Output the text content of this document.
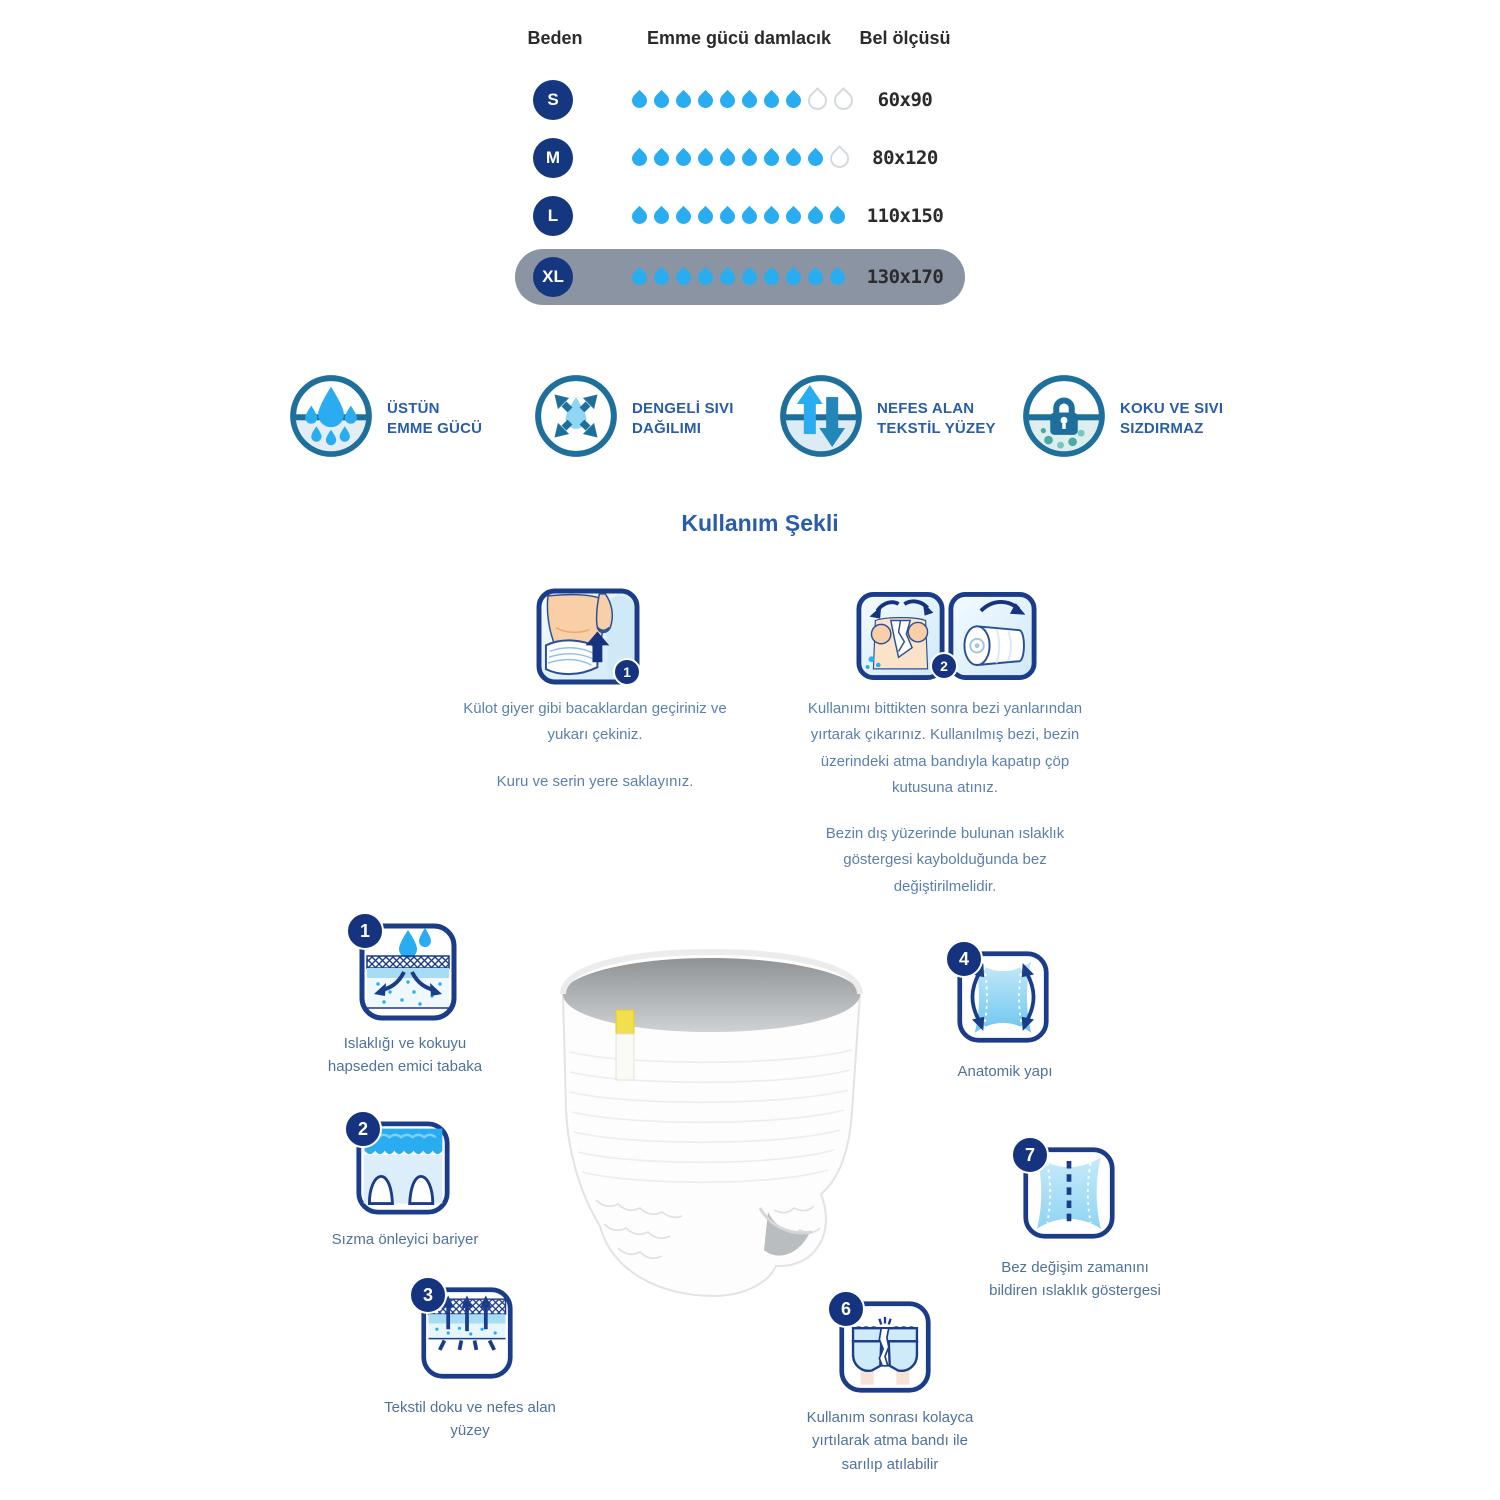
Beden	Emme gücü damlacık	Bel ölçüsü
S	60x90
M	80x120
L	110x150
XL	130x170
ÜSTÜN
EMME GÜCÜ
DENGELİ SIVI
DAĞILIMI
NEFES ALAN
TEKSTİL YÜZEY
KOKU VE SIVI
SIZDIRMAZ
Kullanım Şekli
1	2

Külot giyer gibi bacaklardan geçiriniz ve
yukarı çekiniz.

Kuru ve serin yere saklayınız.

Kullanımı bittikten sonra bezi yanlarından
yırtarak çıkarınız. Kullanılmış bezi, bezin
üzerindeki atma bandıyla kapatıp çöp
kutusuna atınız.

Bezin dış yüzerinde bulunan ıslaklık
göstergesi kaybolduğunda bez
değiştirilmelidir.

1
Islaklığı ve kokuyu
hapseden emici tabaka
2
Sızma önleyici bariyer
3
Tekstil doku ve nefes alan
yüzey
4
Anatomik yapı
7
Bez değişim zamanını
bildiren ıslaklık göstergesi
6
Kullanım sonrası kolayca
yırtılarak atma bandı ile
sarılıp atılabilir
